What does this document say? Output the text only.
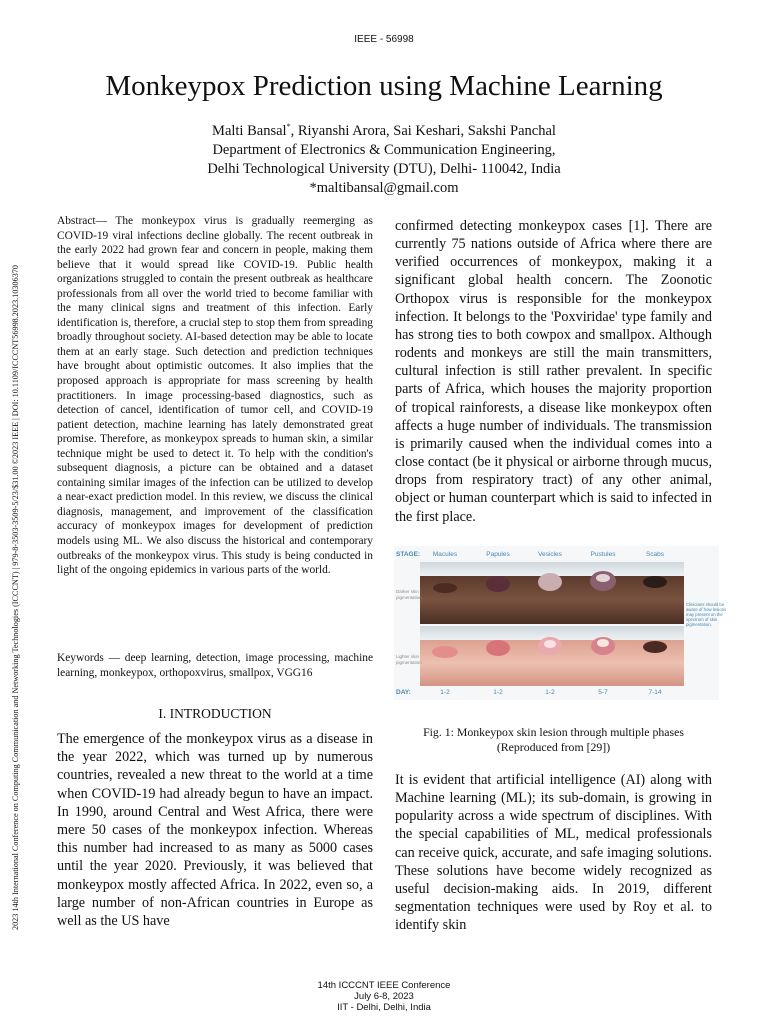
IEEE - 56998
2023 14th International Conference on Computing Communication and Networking Technologies (ICCCNT) | 979-8-3503-3509-5/23/$31.00 ©2023 IEEE | DOI: 10.1109/ICCCNT56998.2023.10306370
Monkeypox Prediction using Machine Learning
Malti Bansal*, Riyanshi Arora, Sai Keshari, Sakshi Panchal
Department of Electronics & Communication Engineering,
Delhi Technological University (DTU), Delhi- 110042, India
*maltibansal@gmail.com
Abstract— The monkeypox virus is gradually reemerging as COVID-19 viral infections decline globally. The recent outbreak in the early 2022 had grown fear and concern in people, making them believe that it would spread like COVID-19. Public health organizations struggled to contain the present outbreak as healthcare professionals from all over the world tried to become familiar with the many clinical signs and treatment of this infection. Early identification is, therefore, a crucial step to stop them from spreading broadly throughout society. AI-based detection may be able to locate them at an early stage. Such detection and prediction techniques have brought about optimistic outcomes. It also implies that the proposed approach is appropriate for mass screening by health practitioners. In image processing-based diagnostics, such as detection of cancel, identification of tumor cell, and COVID-19 patient detection, machine learning has lately demonstrated great promise. Therefore, as monkeypox spreads to human skin, a similar technique might be used to detect it. To help with the condition's subsequent diagnosis, a picture can be obtained and a dataset containing similar images of the infection can be utilized to develop a near-exact prediction model. In this review, we discuss the clinical diagnosis, management, and improvement of the classification accuracy of monkeypox images for development of prediction models using ML. We also discuss the historical and contemporary outbreaks of the monkeypox virus. This study is being conducted in light of the ongoing epidemics in various parts of the world.
Keywords — deep learning, detection, image processing, machine learning, monkeypox, orthopoxvirus, smallpox, VGG16
I. INTRODUCTION
The emergence of the monkeypox virus as a disease in the year 2022, which was turned up by numerous countries, revealed a new threat to the world at a time when COVID-19 had already begun to have an impact. In 1990, around Central and West Africa, there were mere 50 cases of the monkeypox infection. Whereas this number had increased to as many as 5000 cases until the year 2020. Previously, it was believed that monkeypox mostly affected Africa. In 2022, even so, a large number of non-African countries in Europe as well as the US have
confirmed detecting monkeypox cases [1]. There are currently 75 nations outside of Africa where there are verified occurrences of monkeypox, making it a significant global health concern. The Zoonotic Orthopox virus is responsible for the monkeypox infection. It belongs to the 'Poxviridae' type family and has strong ties to both cowpox and smallpox. Although rodents and monkeys are still the main transmitters, cultural infection is still rather prevalent. In specific parts of Africa, which houses the majority proportion of tropical rainforests, a disease like monkeypox often affects a huge number of individuals. The transmission is primarily caused when the individual comes into a close contact (be it physical or airborne through mucus, drops from respiratory tract) of any other animal, object or human counterpart which is said to infected in the first place.
STAGE: Macules	Papules	Vesicles	Pustules	Scabs
Darker skin
pigmentation
Lighter skin
pigmentation
Clinicians should be
aware of how lesions
may present on the
spectrum of skin
pigmentation.
DAY:	1-2	1-2	1-2	5-7	7-14
Fig. 1: Monkeypox skin lesion through multiple phases
(Reproduced from [29])
It is evident that artificial intelligence (AI) along with Machine learning (ML); its sub-domain, is growing in popularity across a wide spectrum of disciplines. With the special capabilities of ML, medical professionals can receive quick, accurate, and safe imaging solutions. These solutions have become widely recognized as useful decision-making aids. In 2019, different segmentation techniques were used by Roy et al. to identify skin
14th ICCCNT IEEE Conference
July 6-8, 2023
IIT - Delhi, Delhi, India
